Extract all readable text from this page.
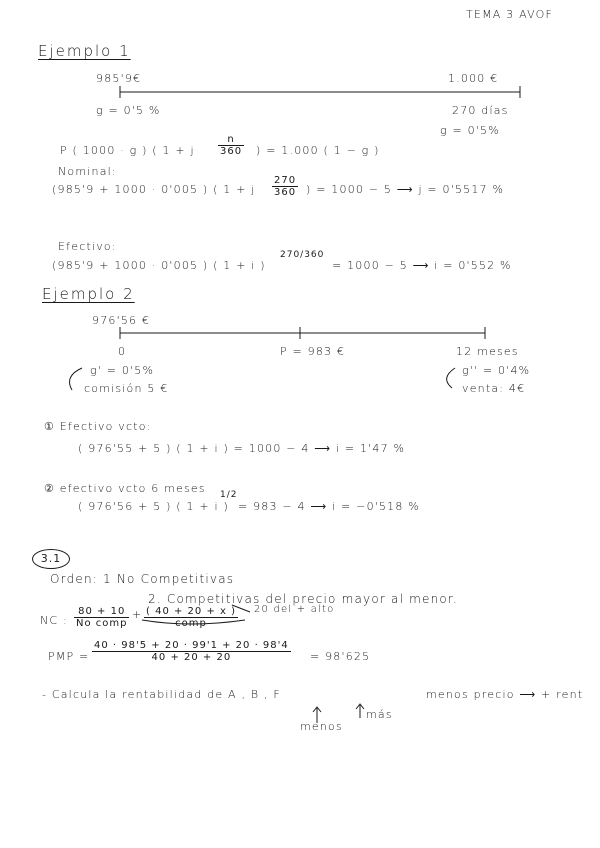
TEMA 3 AVOF
Ejemplo 1
985'9€	1.000 €
g = 0'5 %	270 días
g = 0'5%
P ( 1000 · g ) ( 1 + j $\frac{n}{360}$ ) = 1.000 ( 1 − g )
Nominal:
(985'9 + 1000 · 0'005 ) ( 1 + j $\frac{270}{360}$ ) = 1000 − 5 ⟶ j = 0'5517 %
Efectivo:
(985'9 + 1000 · 0'005 ) ( 1 + i )
270/360
= 1000 − 5 ⟶ i = 0'552 %
Ejemplo 2
976'56 €
0	P = 983 €	12 meses
g' = 0'5%
comisión 5 €
g'' = 0'4%
venta: 4€
① Efectivo vcto:
( 976'55 + 5 ) ( 1 + i ) = 1000 − 4 ⟶ i = 1'47 %
② efectivo vcto 6 meses
( 976'56 + 5 ) ( 1 + i )
1/2
= 983 − 4 ⟶ i = −0'518 %
3.1
Orden: 1 No Competitivas
2. Competitivas del precio mayor al menor.
NC :
80 + 10
No comp
+ ( 40 + 20 + x )
comp
20 del + alto
PMP = $\frac{40 \cdot 98'5 + 20 \cdot 99'1 + 20 \cdot 98'4}{40 + 20 + 20} = 98'625$
- Calcula la rentabilidad de A , B , F	menos precio ⟶ + rent
menos
más
